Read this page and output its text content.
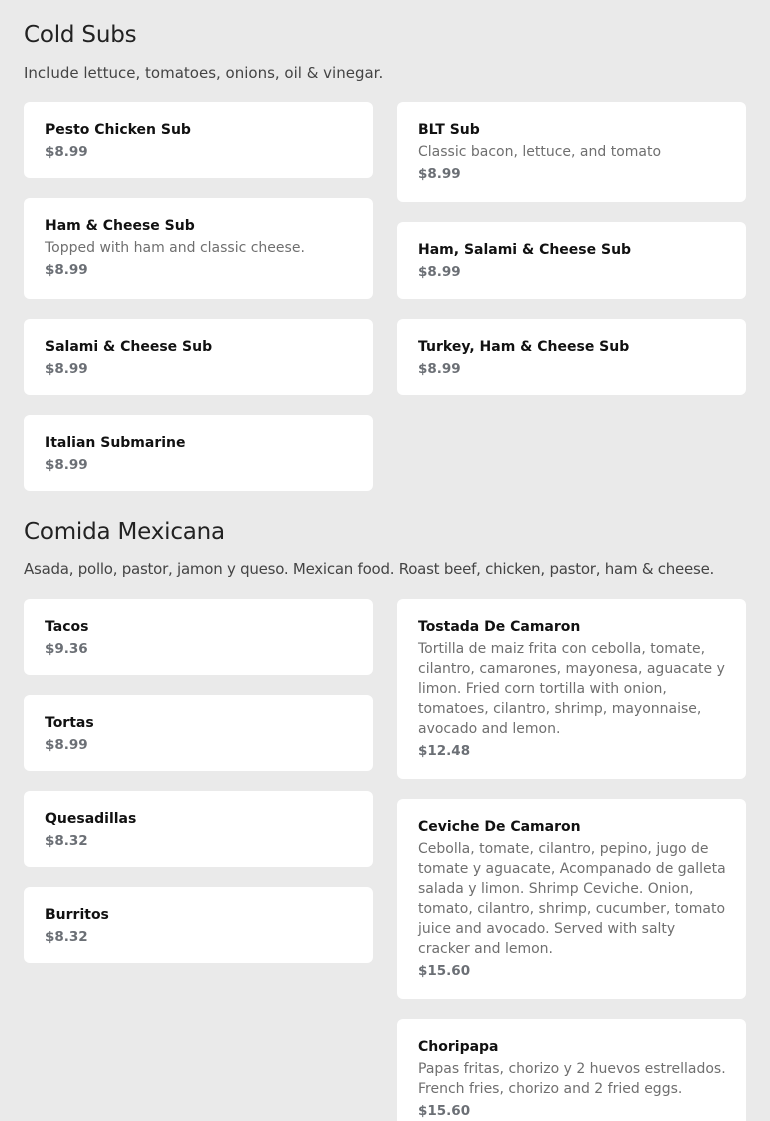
Cold Subs

Include lettuce, tomatoes, onions, oil & vinegar.

Pesto Chicken Sub
$8.99
BLT Sub
Classic bacon, lettuce, and tomato
$8.99
Ham & Cheese Sub
Topped with ham and classic cheese.
$8.99
Ham, Salami & Cheese Sub
$8.99
Salami & Cheese Sub
$8.99
Turkey, Ham & Cheese Sub
$8.99
Italian Submarine
$8.99
Comida Mexicana

Asada, pollo, pastor, jamon y queso. Mexican food. Roast beef, chicken, pastor, ham & cheese.

Tacos
$9.36
Tostada De Camaron
Tortilla de maiz frita con cebolla, tomate, cilantro, camarones, mayonesa, aguacate y limon. Fried corn tortilla with onion, tomatoes, cilantro, shrimp, mayonnaise, avocado and lemon.
$12.48
Tortas
$8.99
Quesadillas
$8.32
Ceviche De Camaron
Cebolla, tomate, cilantro, pepino, jugo de tomate y aguacate, Acompanado de galleta salada y limon. Shrimp Ceviche. Onion, tomato, cilantro, shrimp, cucumber, tomato juice and avocado. Served with salty cracker and lemon.
$15.60
Burritos
$8.32
Choripapa
Papas fritas, chorizo y 2 huevos estrellados. French fries, chorizo and 2 fried eggs.
$15.60
